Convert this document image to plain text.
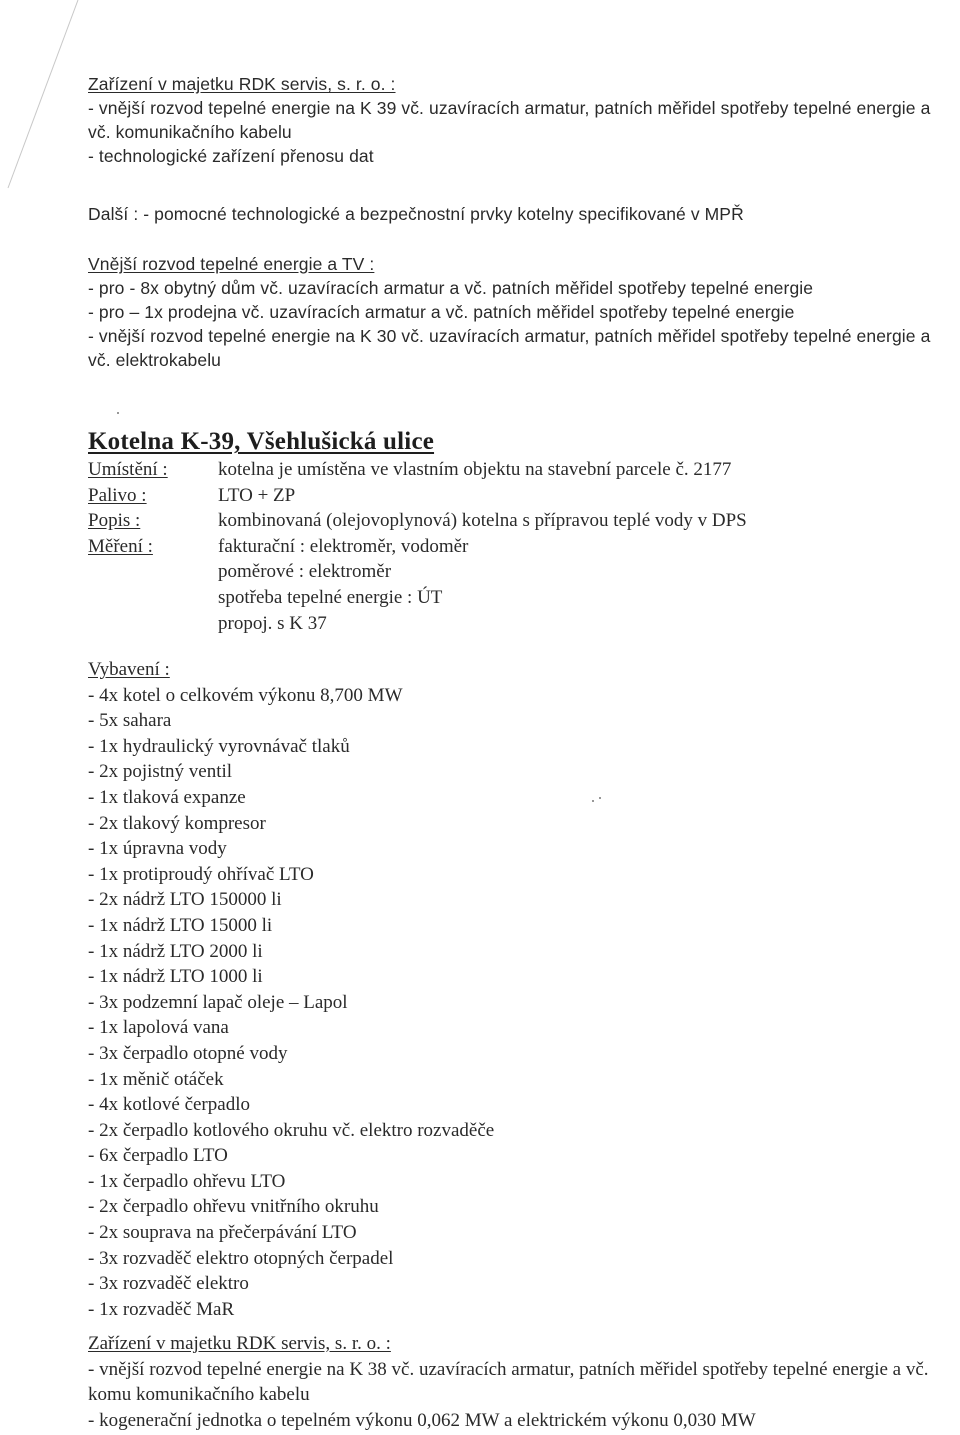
Zařízení v majetku RDK servis, s. r. o. :
- vnější rozvod tepelné energie na K 39 vč. uzavíracích armatur, patních měřidel spotřeby tepelné energie a vč. komunikačního kabelu
- technologické zařízení přenosu dat
Další : - pomocné technologické a bezpečnostní prvky kotelny specifikované v MPŘ
Vnější rozvod tepelné energie a TV :
- pro - 8x obytný dům vč. uzavíracích armatur a vč. patních měřidel spotřeby tepelné energie
- pro – 1x prodejna vč. uzavíracích armatur a vč. patních měřidel spotřeby tepelné energie
- vnější rozvod tepelné energie na K 30 vč. uzavíracích armatur, patních měřidel spotřeby tepelné energie a vč. elektrokabelu
Kotelna K-39, Všehlušická ulice
Umístění :	kotelna je umístěna ve vlastním objektu na stavební parcele č. 2177
Palivo :	LTO + ZP
Popis :	kombinovaná (olejovoplynová) kotelna s přípravou teplé vody v DPS
Měření :	fakturační : elektroměr, vodoměr
poměrové : elektroměr
spotřeba tepelné energie : ÚT
propoj. s K 37
Vybavení :
- 4x kotel o celkovém výkonu 8,700 MW
- 5x sahara
- 1x hydraulický vyrovnávač tlaků
- 2x pojistný ventil
- 1x tlaková expanze
- 2x tlakový kompresor
- 1x úpravna vody
- 1x protiproudý ohřívač LTO
- 2x nádrž LTO 150000 li
- 1x nádrž LTO 15000 li
- 1x nádrž LTO 2000 li
- 1x nádrž LTO 1000 li
- 3x podzemní lapač oleje – Lapol
- 1x lapolová vana
- 3x čerpadlo otopné vody
- 1x měnič otáček
- 4x kotlové čerpadlo
- 2x čerpadlo kotlového okruhu vč. elektro rozvaděče
- 6x čerpadlo LTO
- 1x čerpadlo ohřevu LTO
- 2x čerpadlo ohřevu vnitřního okruhu
- 2x souprava na přečerpávání LTO
- 3x rozvaděč elektro otopných čerpadel
- 3x rozvaděč elektro
- 1x rozvaděč MaR
Zařízení v majetku RDK servis, s. r. o. :
- vnější rozvod tepelné energie na K 38 vč. uzavíracích armatur, patních měřidel spotřeby tepelné energie a vč. komu komunikačního kabelu
- kogenerační jednotka o tepelném výkonu 0,062 MW a elektrickém výkonu 0,030 MW
